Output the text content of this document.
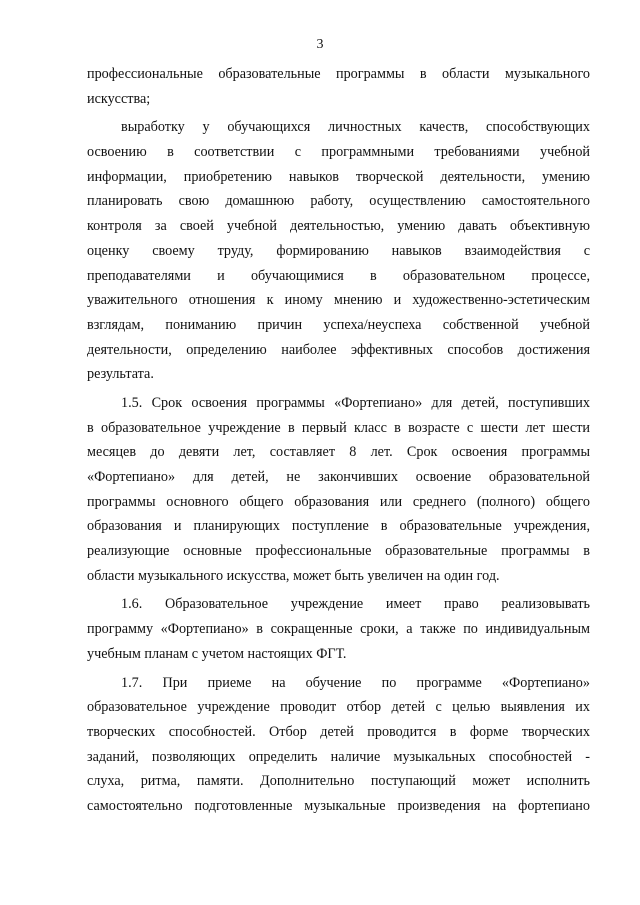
3
профессиональные образовательные программы в области музыкального
искусства;
выработку у обучающихся личностных качеств, способствующих
освоению в соответствии с программными требованиями учебной
информации, приобретению навыков творческой деятельности, умению
планировать свою домашнюю работу, осуществлению самостоятельного
контроля за своей учебной деятельностью, умению давать объективную
оценку своему труду, формированию навыков взаимодействия с
преподавателями и обучающимися в образовательном процессе,
уважительного отношения к иному мнению и художественно-эстетическим
взглядам, пониманию причин успеха/неуспеха собственной учебной
деятельности, определению наиболее эффективных способов достижения
результата.
1.5. Срок освоения программы «Фортепиано» для детей, поступивших
в образовательное учреждение в первый класс в возрасте с шести лет шести
месяцев до девяти лет, составляет 8 лет. Срок освоения программы
«Фортепиано» для детей, не закончивших освоение образовательной
программы основного общего образования или среднего (полного) общего
образования и планирующих поступление в образовательные учреждения,
реализующие основные профессиональные образовательные программы в
области музыкального искусства, может быть увеличен на один год.
1.6. Образовательное учреждение имеет право реализовывать
программу «Фортепиано» в сокращенные сроки, а также по индивидуальным
учебным планам с учетом настоящих ФГТ.
1.7. При приеме на обучение по программе «Фортепиано»
образовательное учреждение проводит отбор детей с целью выявления их
творческих способностей. Отбор детей проводится в форме творческих
заданий, позволяющих определить наличие музыкальных способностей -
слуха, ритма, памяти. Дополнительно поступающий может исполнить
самостоятельно подготовленные музыкальные произведения на фортепиано
